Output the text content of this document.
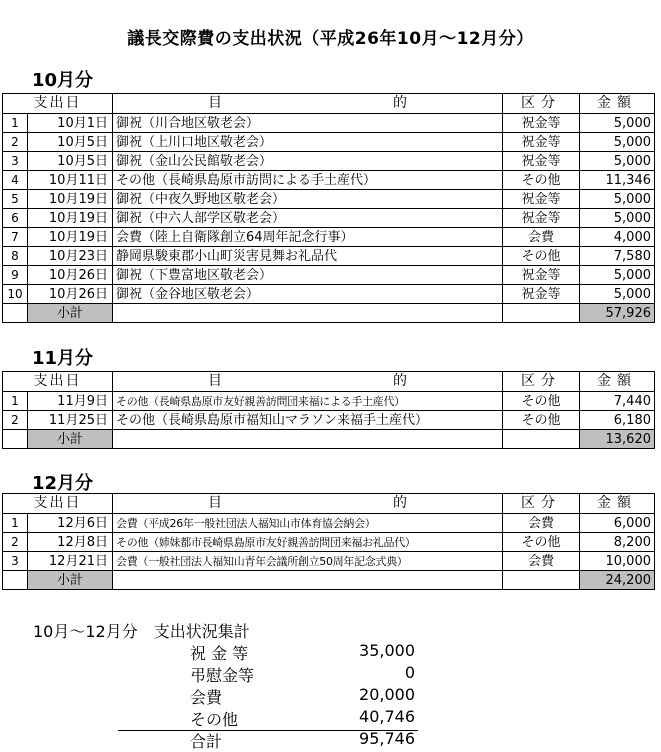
議長交際費の支出状況（平成26年10月～12月分）
10月分
支出日		目 的	区分	金額
1	10月1日	御祝（川合地区敬老会）	祝金等	5,000
2	10月5日	御祝（上川口地区敬老会）	祝金等	5,000
3	10月5日	御祝（金山公民館敬老会）	祝金等	5,000
4	10月11日	その他（長崎県島原市訪問による手土産代）	その他	11,346
5	10月19日	御祝（中夜久野地区敬老会）	祝金等	5,000
6	10月19日	御祝（中六人部学区敬老会）	祝金等	5,000
7	10月19日	会費（陸上自衛隊創立64周年記念行事）	会費	4,000
8	10月23日	静岡県駿東郡小山町災害見舞お礼品代	その他	7,580
9	10月26日	御祝（下豊富地区敬老会）	祝金等	5,000
10	10月26日	御祝（金谷地区敬老会）	祝金等	5,000
	小計			57,926
11月分
支出日		目 的	区分	金額
1	11月9日	その他（長崎県島原市友好親善訪問団来福による手土産代）	その他	7,440
2	11月25日	その他（長崎県島原市福知山マラソン来福手土産代）	その他	6,180
	小計			13,620
12月分
支出日		目 的	区分	金額
1	12月6日	会費（平成26年一般社団法人福知山市体育協会納会）	会費	6,000
2	12月8日	その他（姉妹都市長崎県島原市友好親善訪問団来福お礼品代）	その他	8,200
3	12月21日	会費（一般社団法人福知山青年会議所創立50周年記念式典）	会費	10,000
	小計			24,200
10月～12月分　支出状況集計
祝 金 等	35,000
弔慰金等	0
会費	20,000
その他	40,746
合計	95,746
